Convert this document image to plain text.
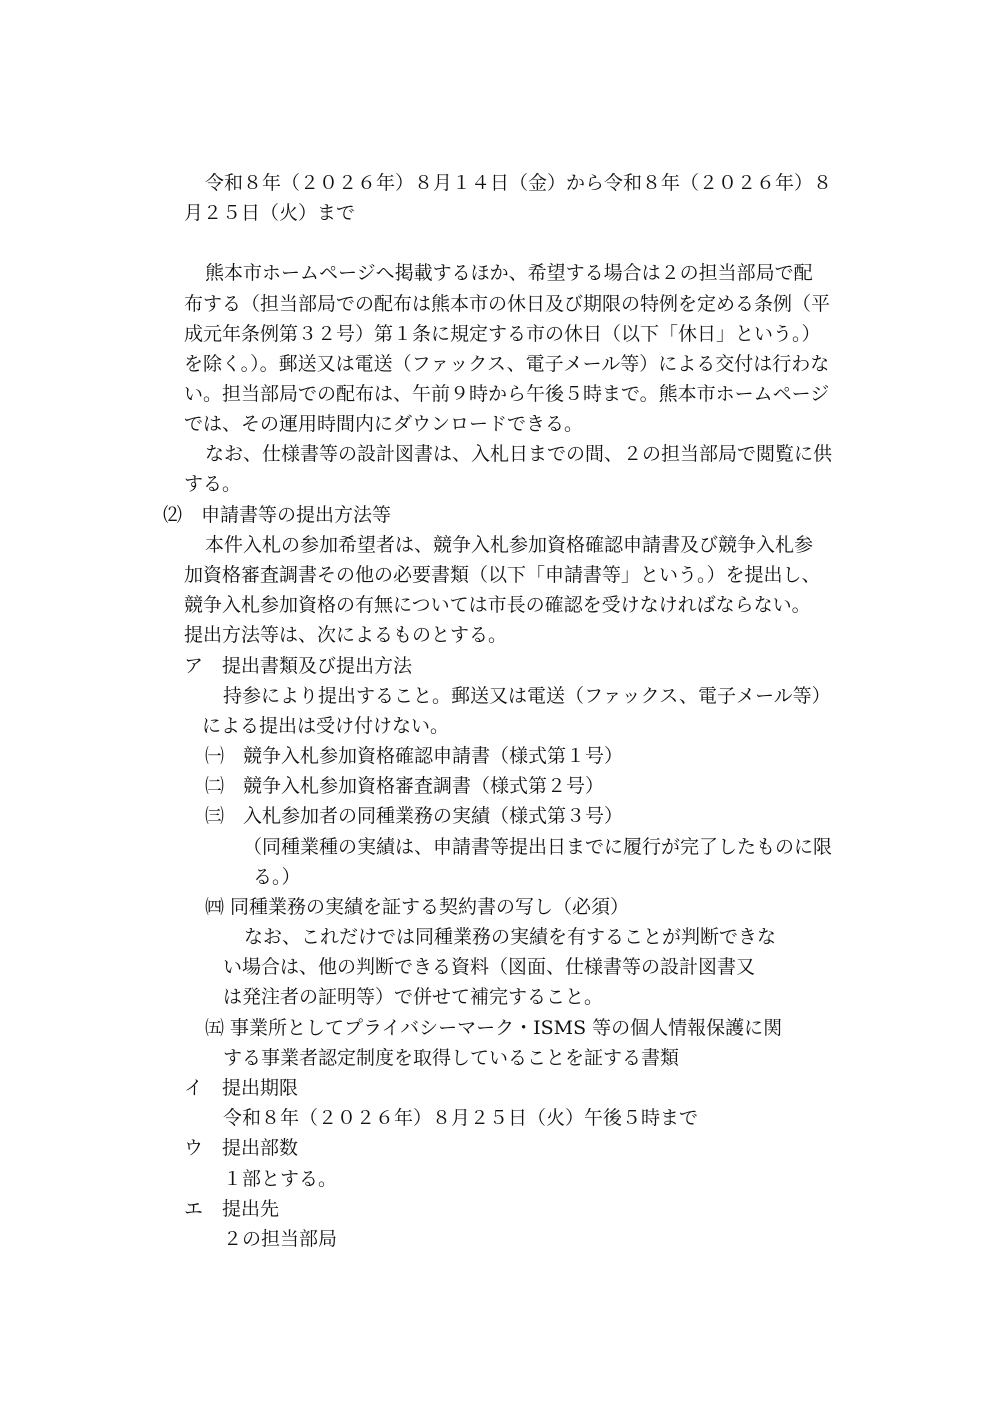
令和８年（２０２６年）８月１４日（金）から令和８年（２０２６年）８
月２５日（火）まで
熊本市ホームページへ掲載するほか、希望する場合は２の担当部局で配
布する（担当部局での配布は熊本市の休日及び期限の特例を定める条例（平
成元年条例第３２号）第１条に規定する市の休日（以下「休日」という。）
を除く。）。郵送又は電送（ファックス、電子メール等）による交付は行わな
い。担当部局での配布は、午前９時から午後５時まで。熊本市ホームページ
では、その運用時間内にダウンロードできる。
なお、仕様書等の設計図書は、入札日までの間、２の担当部局で閲覧に供
する。
⑵　申請書等の提出方法等
本件入札の参加希望者は、競争入札参加資格確認申請書及び競争入札参
加資格審査調書その他の必要書類（以下「申請書等」という。）を提出し、
競争入札参加資格の有無については市長の確認を受けなければならない。
提出方法等は、次によるものとする。
ア　提出書類及び提出方法
持参により提出すること。郵送又は電送（ファックス、電子メール等）
による提出は受け付けない。
㈠　競争入札参加資格確認申請書（様式第１号）
㈡　競争入札参加資格審査調書（様式第２号）
㈢　入札参加者の同種業務の実績（様式第３号）
（同種業種の実績は、申請書等提出日までに履行が完了したものに限
る。）
㈣ 同種業務の実績を証する契約書の写し（必須）
なお、これだけでは同種業務の実績を有することが判断できな
い場合は、他の判断できる資料（図面、仕様書等の設計図書又
は発注者の証明等）で併せて補完すること。
㈤ 事業所としてプライバシーマーク・ISMS 等の個人情報保護に関
する事業者認定制度を取得していることを証する書類
イ　提出期限
令和８年（２０２６年）８月２５日（火）午後５時まで
ウ　提出部数
１部とする。
エ　提出先
２の担当部局
